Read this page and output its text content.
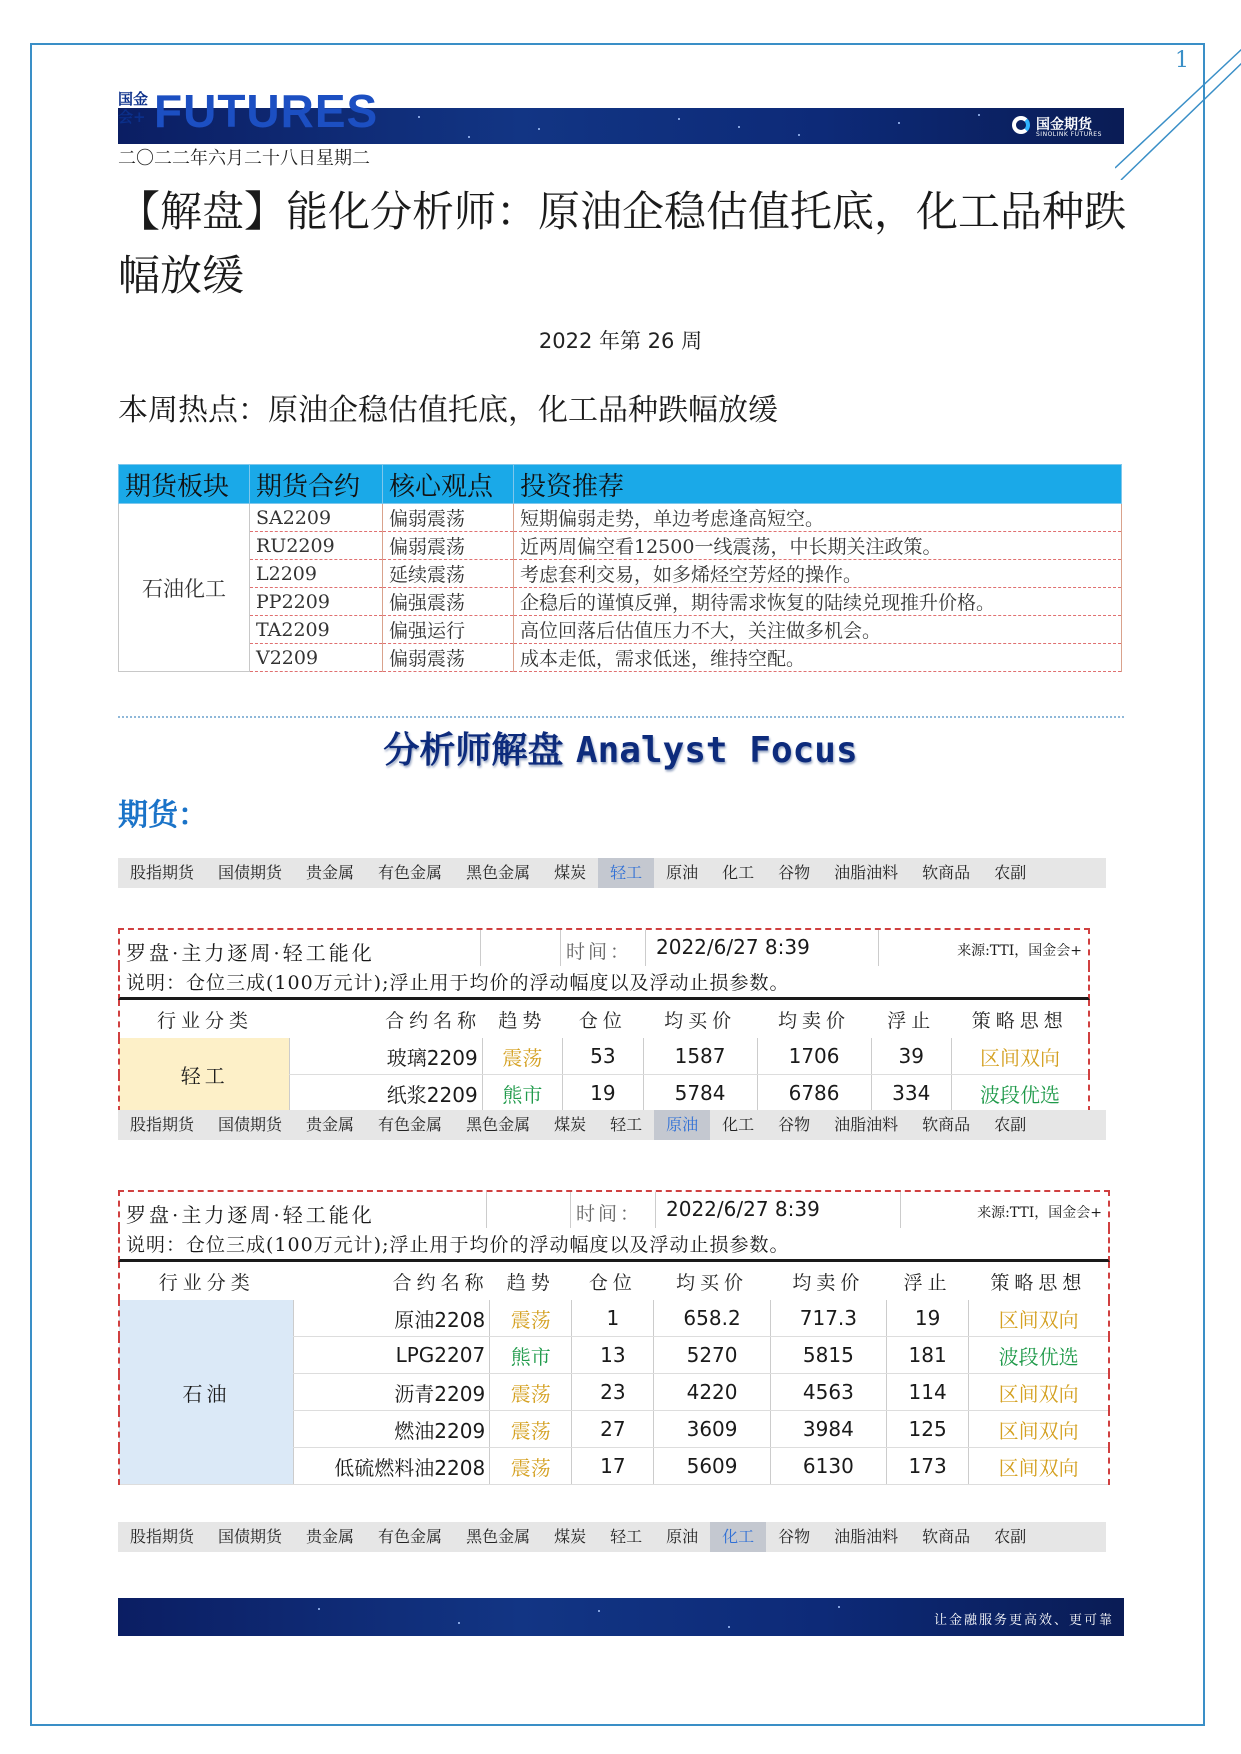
1
国金会+ FUTURES	国金期货
SINOLINK FUTURES
二〇二二年六月二十八日星期二
【解盘】能化分析师：原油企稳估值托底，化工品种跌幅放缓
2022 年第 26 周
本周热点：原油企稳估值托底，化工品种跌幅放缓
期货板块	期货合约	核心观点	投资推荐
石油化工	SA2209	偏弱震荡	短期偏弱走势，单边考虑逢高短空。
	RU2209	偏弱震荡	近两周偏空看12500一线震荡，中长期关注政策。
	L2209	延续震荡	考虑套利交易，如多烯烃空芳烃的操作。
	PP2209	偏强震荡	企稳后的谨慎反弹，期待需求恢复的陆续兑现推升价格。
	TA2209	偏强运行	高位回落后估值压力不大，关注做多机会。
	V2209	偏弱震荡	成本走低，需求低迷，维持空配。
分析师解盘 Analyst Focus
期货：
股指期货	国债期货	贵金属	有色金属	黑色金属	煤炭	轻工	原油	化工	谷物	油脂油料	软商品	农副
罗盘·主力逐周·轻工能化	时间： 2022/6/27 8:39	来源:TTI，国金会+
说明：仓位三成(100万元计);浮止用于均价的浮动幅度以及浮动止损参数。
行业分类	合约名称	趋势	仓位	均买价	均卖价	浮止	策略思想
轻工	玻璃2209	震荡	53	1587	1706	39	区间双向
	纸浆2209	熊市	19	5784	6786	334	波段优选
股指期货	国债期货	贵金属	有色金属	黑色金属	煤炭	轻工	原油	化工	谷物	油脂油料	软商品	农副
罗盘·主力逐周·轻工能化	时间： 2022/6/27 8:39	来源:TTI，国金会+
说明：仓位三成(100万元计);浮止用于均价的浮动幅度以及浮动止损参数。
行业分类	合约名称	趋势	仓位	均买价	均卖价	浮止	策略思想
石油	原油2208	震荡	1	658.2	717.3	19	区间双向
	LPG2207	熊市	13	5270	5815	181	波段优选
	沥青2209	震荡	23	4220	4563	114	区间双向
	燃油2209	震荡	27	3609	3984	125	区间双向
	低硫燃料油2208	震荡	17	5609	6130	173	区间双向
股指期货	国债期货	贵金属	有色金属	黑色金属	煤炭	轻工	原油	化工	谷物	油脂油料	软商品	农副
让金融服务更高效、更可靠
